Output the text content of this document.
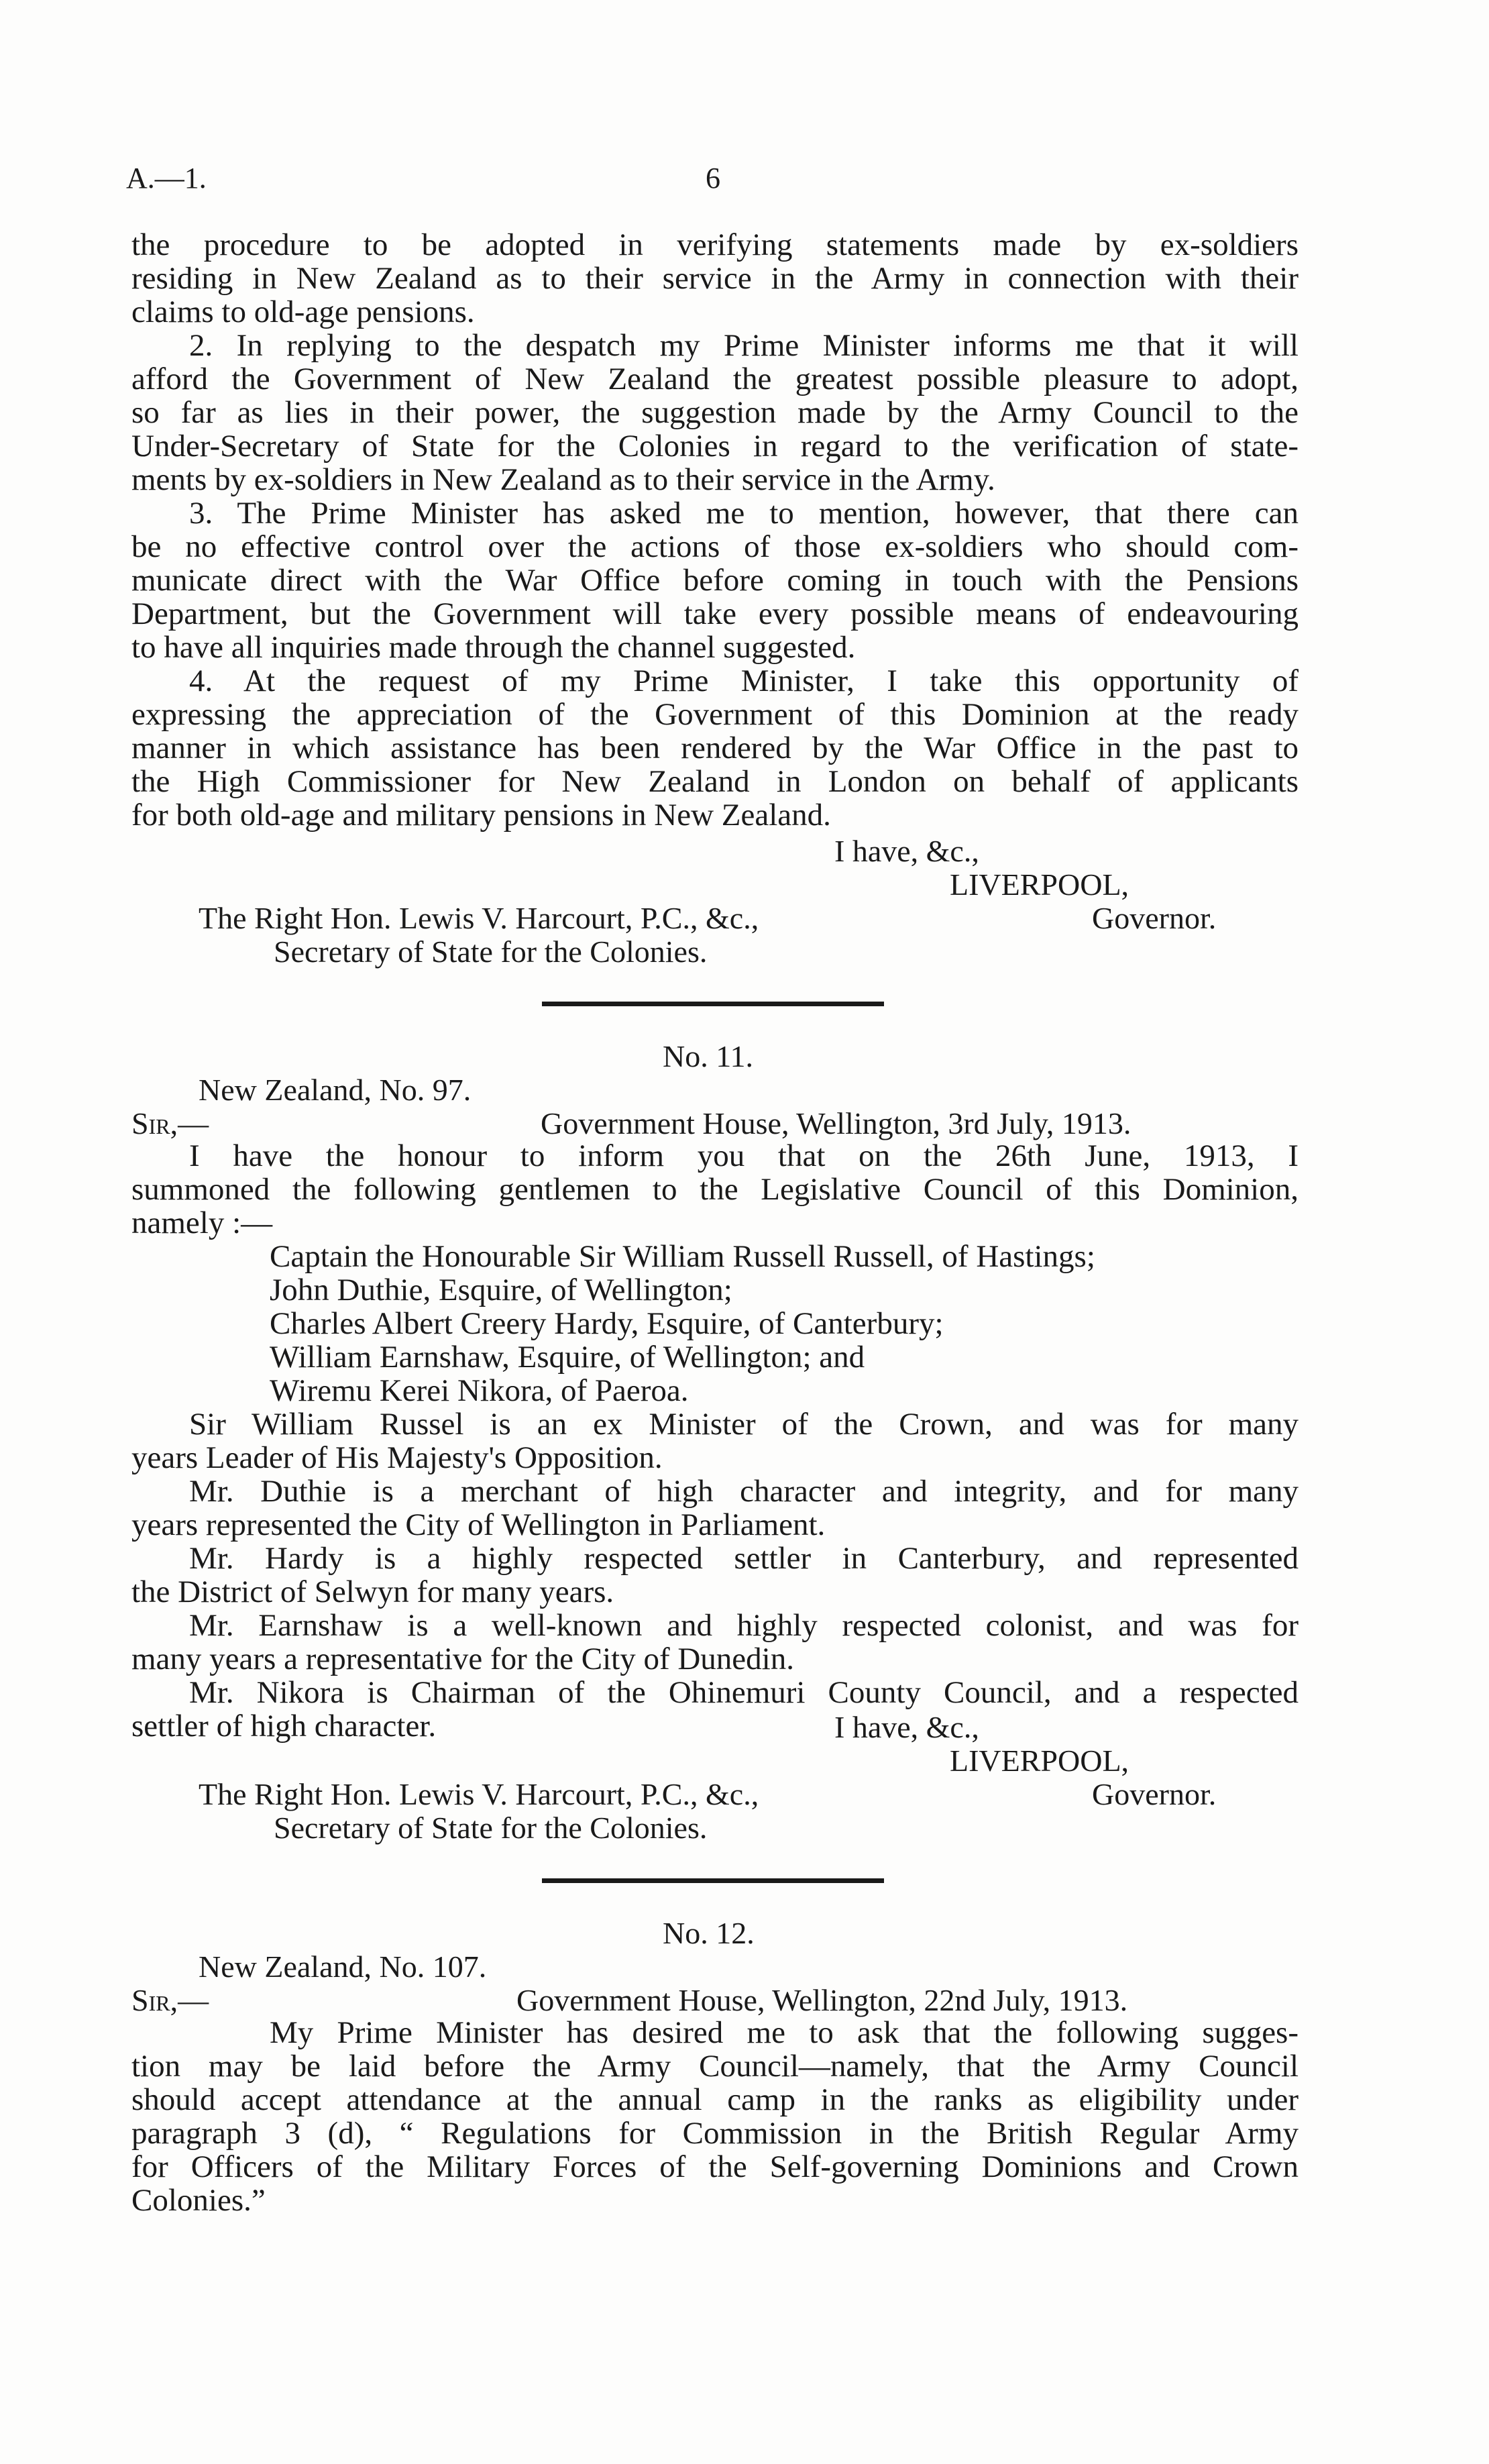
A.—1.	6
the procedure to be adopted in verifying statements made by ex-soldiers
residing in New Zealand as to their service in the Army in connection with their
claims to old-age pensions.
2. In replying to the despatch my Prime Minister informs me that it will
afford the Government of New Zealand the greatest possible pleasure to adopt,
so far as lies in their power, the suggestion made by the Army Council to the
Under-Secretary of State for the Colonies in regard to the verification of state-
ments by ex-soldiers in New Zealand as to their service in the Army.
3. The Prime Minister has asked me to mention, however, that there can
be no effective control over the actions of those ex-soldiers who should com-
municate direct with the War Office before coming in touch with the Pensions
Department, but the Government will take every possible means of endeavouring
to have all inquiries made through the channel suggested.
4. At the request of my Prime Minister, I take this opportunity of
expressing the appreciation of the Government of this Dominion at the ready
manner in which assistance has been rendered by the War Office in the past to
the High Commissioner for New Zealand in London on behalf of applicants
for both old-age and military pensions in New Zealand.
I have, &c.,
LIVERPOOL,
The Right Hon. Lewis V. Harcourt, P.C., &c.,	Governor.
Secretary of State for the Colonies.
No. 11.
New Zealand, No. 97.
Sir,—	Government House, Wellington, 3rd July, 1913.
I have the honour to inform you that on the 26th June, 1913, I
summoned the following gentlemen to the Legislative Council of this Dominion,
namely :—
Captain the Honourable Sir William Russell Russell, of Hastings;
John Duthie, Esquire, of Wellington;
Charles Albert Creery Hardy, Esquire, of Canterbury;
William Earnshaw, Esquire, of Wellington; and
Wiremu Kerei Nikora, of Paeroa.
Sir William Russel is an ex Minister of the Crown, and was for many
years Leader of His Majesty's Opposition.
Mr. Duthie is a merchant of high character and integrity, and for many
years represented the City of Wellington in Parliament.
Mr. Hardy is a highly respected settler in Canterbury, and represented
the District of Selwyn for many years.
Mr. Earnshaw is a well-known and highly respected colonist, and was for
many years a representative for the City of Dunedin.
Mr. Nikora is Chairman of the Ohinemuri County Council, and a respected
settler of high character.	I have, &c.,
LIVERPOOL,
The Right Hon. Lewis V. Harcourt, P.C., &c.,	Governor.
Secretary of State for the Colonies.
No. 12.
New Zealand, No. 107.
Sir,—	Government House, Wellington, 22nd July, 1913.
My Prime Minister has desired me to ask that the following sugges-
tion may be laid before the Army Council—namely, that the Army Council
should accept attendance at the annual camp in the ranks as eligibility under
paragraph 3 (d), “ Regulations for Commission in the British Regular Army
for Officers of the Military Forces of the Self-governing Dominions and Crown
Colonies.”
